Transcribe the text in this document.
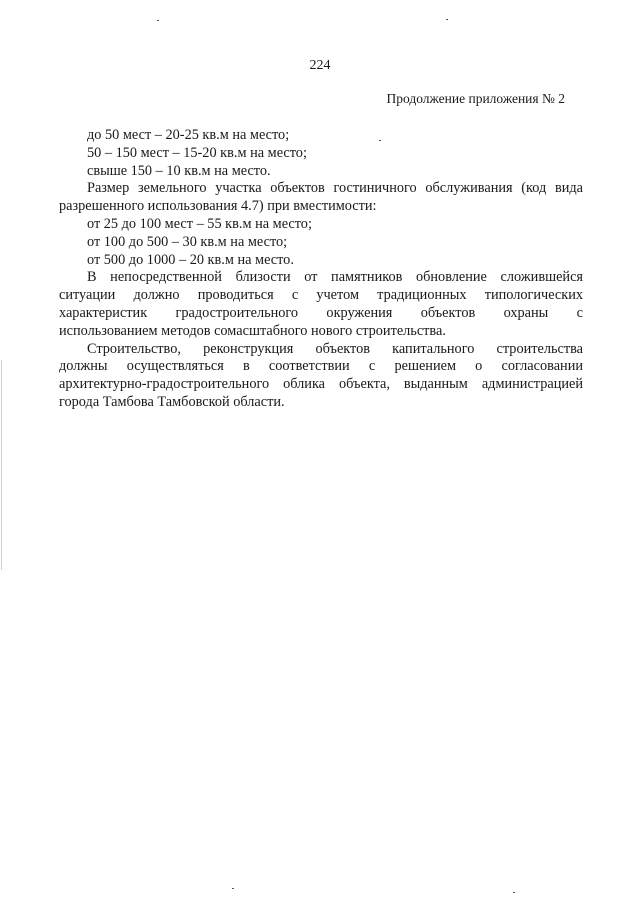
224
Продолжение приложения № 2

до 50 мест – 20-25 кв.м на место;

50 – 150 мест – 15-20 кв.м на место;

свыше 150 – 10 кв.м на место.

Размер земельного участка объектов гостиничного обслуживания (код вида

разрешенного использования 4.7) при вместимости:

от 25 до 100 мест – 55 кв.м на место;

от 100 до 500 – 30 кв.м на место;

от 500 до 1000 – 20 кв.м на место.

В непосредственной близости от памятников обновление сложившейся

ситуации должно проводиться с учетом традиционных типологических

характеристик градостроительного окружения объектов охраны с

использованием методов сомасштабного нового строительства.

Строительство, реконструкция объектов капитального строительства

должны осуществляться в соответствии с решением о согласовании

архитектурно-градостроительного облика объекта, выданным администрацией

города Тамбова Тамбовской области.
